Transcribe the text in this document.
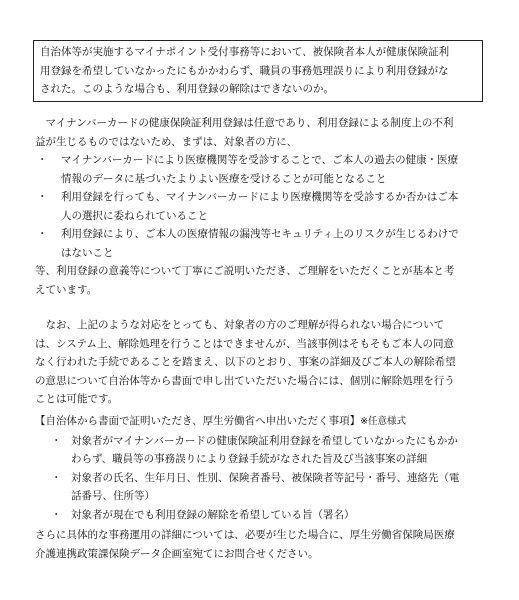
自治体等が実施するマイナポイント受付事務等において、被保険者本人が健康保険証利

用登録を希望していなかったにもかかわらず、職員の事務処理誤りにより利用登録がな

された。このような場合も、利用登録の解除はできないのか。

　マイナンバーカードの健康保険証利用登録は任意であり、利用登録による制度上の不利

益が生じるものではないため、まずは、対象者の方に、

・ マイナンバーカードにより医療機関等を受診することで、ご本人の過去の健康・医療

情報のデータに基づいたよりよい医療を受けることが可能となること

・ 利用登録を行っても、マイナンバーカードにより医療機関等を受診するか否かはご本

人の選択に委ねられていること

・ 利用登録により、ご本人の医療情報の漏洩等セキュリティ上のリスクが生じるわけで

はないこと

等、利用登録の意義等について丁寧にご説明いただき、ご理解をいただくことが基本と考

えています。

　なお、上記のような対応をとっても、対象者の方のご理解が得られない場合について

は、システム上、解除処理を行うことはできませんが、当該事例はそもそもご本人の同意

なく行われた手続であることを踏まえ、以下のとおり、事案の詳細及びご本人の解除希望

の意思について自治体等から書面で申し出ていただいた場合には、個別に解除処理を行う

ことは可能です。

【自治体から書面で証明いただき、厚生労働省へ申出いただく事項】※任意様式

・ 対象者がマイナンバーカードの健康保険証利用登録を希望していなかったにもかか

わらず、職員等の事務誤りにより登録手続がなされた旨及び当該事案の詳細

・ 対象者の氏名、生年月日、性別、保険者番号、被保険者等記号・番号、連絡先（電

話番号、住所等）

・ 対象者が現在でも利用登録の解除を希望している旨（署名）

さらに具体的な事務運用の詳細については、必要が生じた場合に、厚生労働省保険局医療

介護連携政策課保険データ企画室宛てにお問合せください。
